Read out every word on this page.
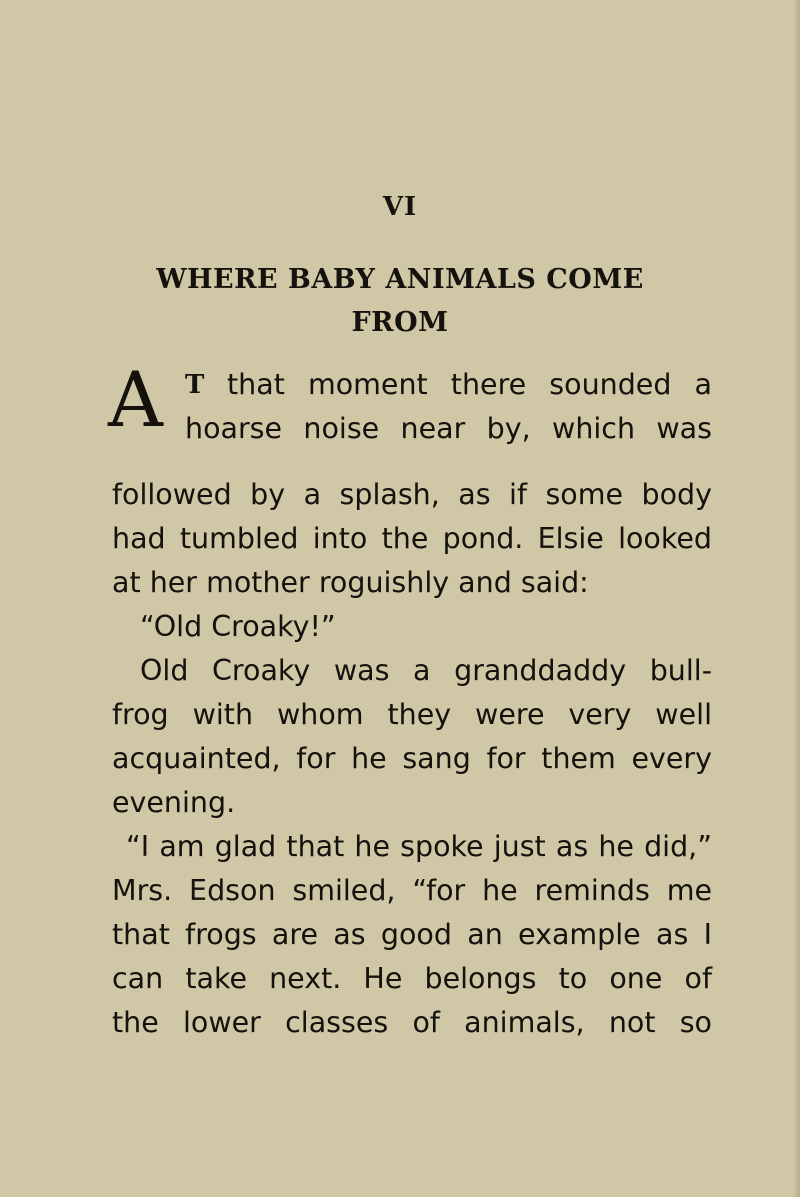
VI
WHERE BABY ANIMALS COME
FROM
A T that moment there sounded a
hoarse noise near by, which was
followed by a splash, as if some body
had tumbled into the pond. Elsie looked
at her mother roguishly and said:
“Old Croaky!”
Old Croaky was a granddaddy bull-
frog with whom they were very well
acquainted, for he sang for them every
evening.
“I am glad that he spoke just as he did,”
Mrs. Edson smiled, “for he reminds me
that frogs are as good an example as I
can take next. He belongs to one of
the lower classes of animals, not so
